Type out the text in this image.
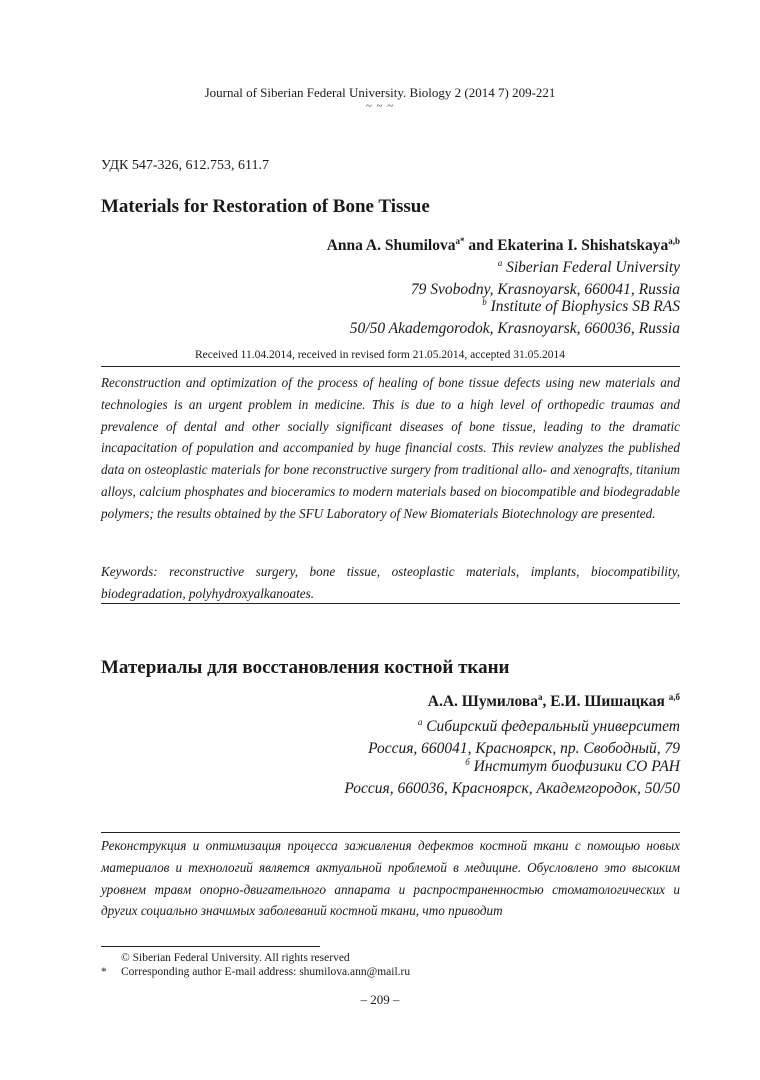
Journal of Siberian Federal University. Biology 2 (2014 7) 209-221
~ ~ ~
УДК 547-326, 612.753, 611.7
Materials for Restoration of Bone Tissue
Anna A. Shumilova$^{a*}$ and Ekaterina I. Shishatskaya$^{a,b}$
$^a$ Siberian Federal University
79 Svobodny, Krasnoyarsk, 660041, Russia
$^b$ Institute of Biophysics SB RAS
50/50 Akademgorodok, Krasnoyarsk, 660036, Russia
Received 11.04.2014, received in revised form 21.05.2014, accepted 31.05.2014
Reconstruction and optimization of the process of healing of bone tissue defects using new materials and technologies is an urgent problem in medicine. This is due to a high level of orthopedic traumas and prevalence of dental and other socially significant diseases of bone tissue, leading to the dramatic incapacitation of population and accompanied by huge financial costs. This review analyzes the published data on osteoplastic materials for bone reconstructive surgery from traditional allo- and xenografts, titanium alloys, calcium phosphates and bioceramics to modern materials based on biocompatible and biodegradable polymers; the results obtained by the SFU Laboratory of New Biomaterials Biotechnology are presented.
Keywords: reconstructive surgery, bone tissue, osteoplastic materials, implants, biocompatibility, biodegradation, polyhydroxyalkanoates.
Материалы для восстановления костной ткани
А.А. Шумилова$^а$, Е.И. Шишацкая $^{а,б}$
$^а$ Сибирский федеральный университет
Россия, 660041, Красноярск, пр. Свободный, 79
$^б$ Институт биофизики СО РАН
Россия, 660036, Красноярск, Академгородок, 50/50
Реконструкция и оптимизация процесса заживления дефектов костной ткани с помощью новых материалов и технологий является актуальной проблемой в медицине. Обусловлено это высоким уровнем травм опорно-двигательного аппарата и распространенностью стоматологических и других социально значимых заболеваний костной ткани, что приводит
© Siberian Federal University. All rights reserved
* Corresponding author E-mail address: shumilova.ann@mail.ru
– 209 –
